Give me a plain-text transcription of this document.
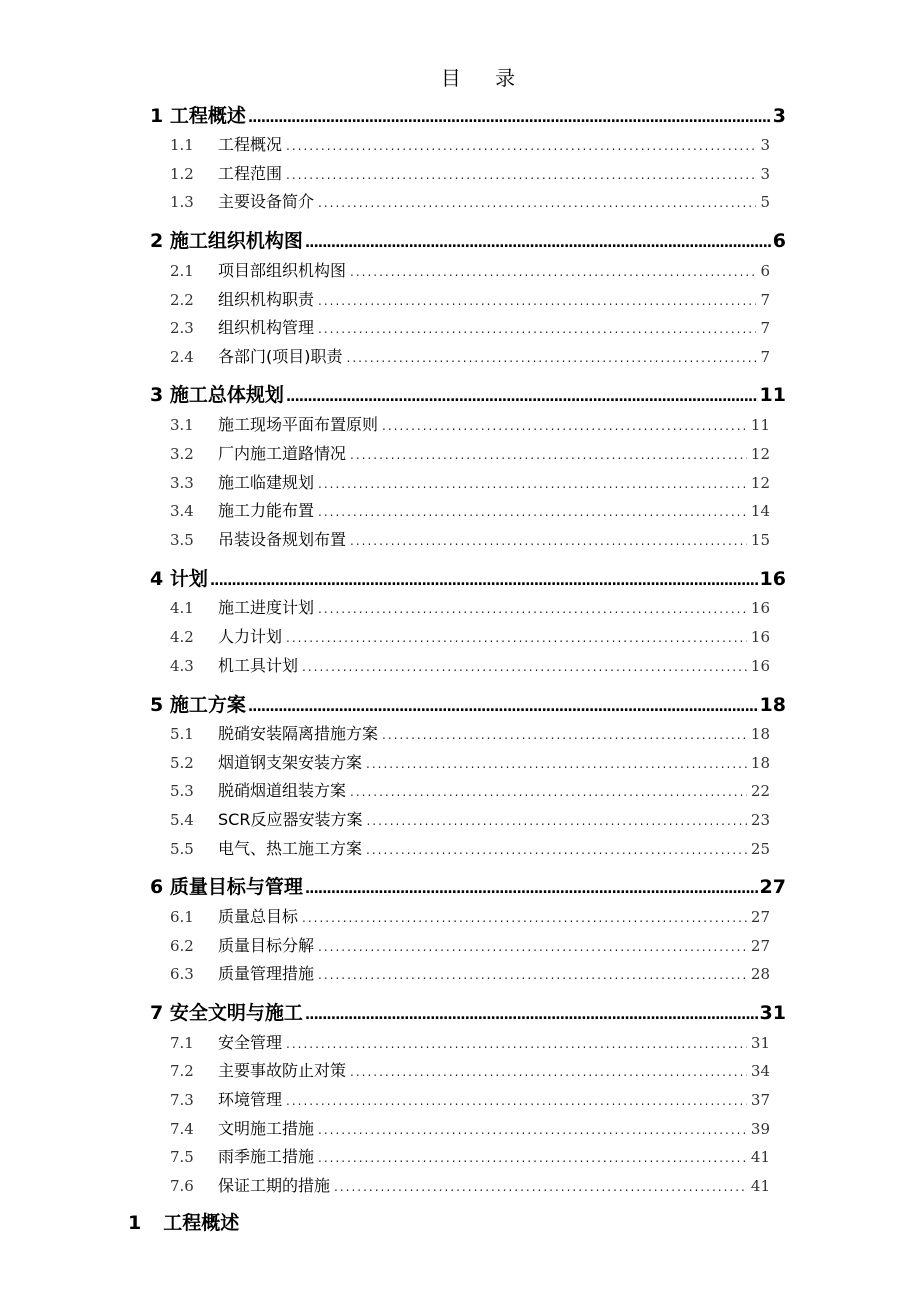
目 录
1 工程概述 .....	3
1.1	工程概况 .....	3
1.2	工程范围 .....	3
1.3	主要设备简介 .....	5
2 施工组织机构图 .....	6
2.1	项目部组织机构图 .....	6
2.2	组织机构职责 .....	7
2.3	组织机构管理 .....	7
2.4	各部门(项目)职责 .....	7
3 施工总体规划 .....	11
3.1	施工现场平面布置原则 .....	11
3.2	厂内施工道路情况 .....	12
3.3	施工临建规划 .....	12
3.4	施工力能布置 .....	14
3.5	吊装设备规划布置 .....	15
4 计划 .....	16
4.1	施工进度计划 .....	16
4.2	人力计划 .....	16
4.3	机工具计划 .....	16
5 施工方案 .....	18
5.1	脱硝安装隔离措施方案 .....	18
5.2	烟道钢支架安装方案 .....	18
5.3	脱硝烟道组装方案 .....	22
5.4	SCR反应器安装方案 .....	23
5.5	电气、热工施工方案 .....	25
6 质量目标与管理 .....	27
6.1	质量总目标 .....	27
6.2	质量目标分解 .....	27
6.3	质量管理措施 .....	28
7 安全文明与施工 .....	31
7.1	安全管理 .....	31
7.2	主要事故防止对策 .....	34
7.3	环境管理 .....	37
7.4	文明施工措施 .....	39
7.5	雨季施工措施 .....	41
7.6	保证工期的措施 .....	41
1 工程概述
